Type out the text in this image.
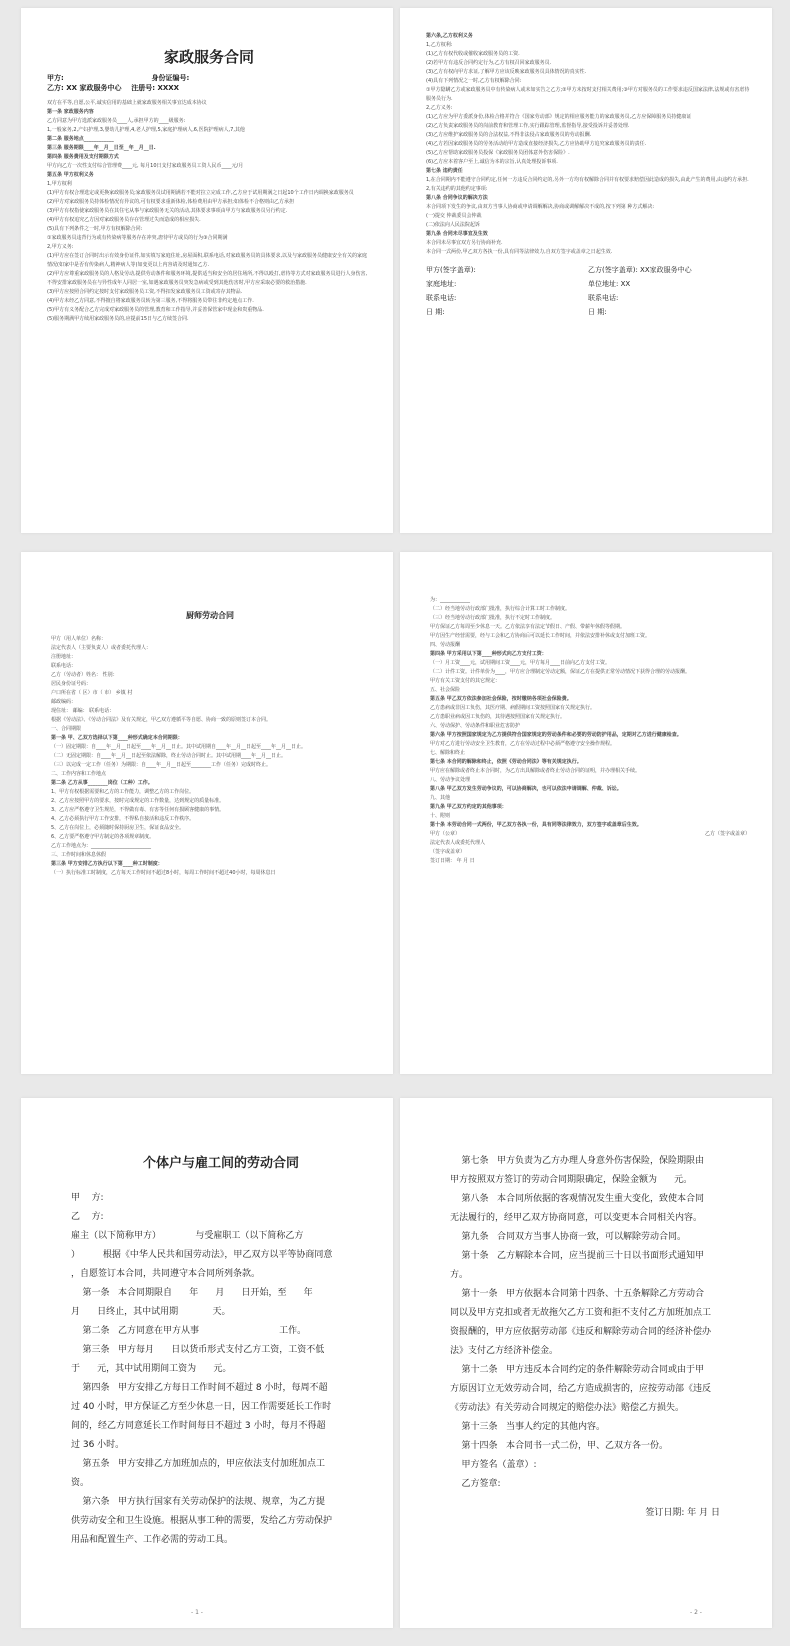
家政服务合同
甲方:	身份证编号:
乙方: XX 家政服务中心    注册号: XXXX
双方在平等,自愿,公平,诚实信用的基础上就家政服务相关事宜达成本协议
第一条 家政服务内容
乙方同意为甲方选派家政服务员____人,承担甲方的____级服务:
1,一般家务,2,产妇护理,3,婴幼儿护理,4,老人护理,5,家庭护理病人,6,医院护理病人,7,其他
第二条 服务地点____________
第三条 服务期限____年__月__日至__年__月__日.
第四条 服务费用及支付期限方式
甲方向乙方一次性支付综合管理费____元, 每月10日支付家政服务员工资人民币____元/月
第五条 甲方权利义务
1,甲方权利
(1)甲方有权合理选定或更换家政服务员;家政服务员试用期满若不能对拉立完成工作,乙方应于试用期满之日起10个工作日内调换家政服务员
(2)甲方对家政服务员持体检情况有异议的,可有权要求重新体检,体检费用由甲方承担;如体检不合格则由乙方承担
(3)甲方有权指使家政服务员在其住宅从事与家政服务无关的活动,其体要求事项由甲方与家政服务员另行约定.
(4)甲方有权追究乙方因对家政服务员存在管理过失而造成的相应损失.
(5)具有下列条件之一时,甲方有权解除合同:
①家政服务员违背行为或有传染病等服务存在冲突,唐待甲方或员的行为③合同期满
2,甲方义务:
(1)甲方应在签订合同时出示有效身份证件,如实填写家庭住址,房屋面积,联系电话,对家政服务员的具体要求,以及与家政服务员健康安全有关的家庭情况(如家中是否有传染病人,精神病人等)如变更以上内容请及时通知乙方.
(2)甲方应尊重家政服务员的人格及劳动,提供劳动条件和服务环境,提供适当和安全的居住场所,不得以殴打,虐待等方式对家政服务员进行人身伤害,不得安排家政服务员在与异性成年人同居一室,如遇家政服务员突发急病或受到其他伤害时,甲方应采取必要的救治措施.
(3)甲方应按照合同约定按时支付家政服务员工资,不得扣发家政服务员工资或寄存其物品.
(4)甲方未经乙方同意,不得擅自将家政服务员转为第三服务,不得将服务员带往非约定地点工作.
(5)甲方有义务配合乙方完成对家政服务员的管理,教育和工作指导,并妥善保管家中现金和贵重物品.
(5)服务期满甲方续用家政服务员的,应提前15日与乙方续签合同.
第六条,乙方权利义务
1,乙方权利:
(1)乙方有权代收或催收家政服务员的工资.
(2)若甲方有违反合同约定行为,乙方有权召回家政服务员.
(3)乙方有权向甲方求证,了解甲方应该反映家政服务员具体情况的真实性.
(4)具有下列情况之一时,乙方有权解除合同:
①甲方隐瞒乙方或家政服务员中有传染病人或未如实告之乙方;②甲方未按时支付相关费用;③甲方对服务员的工作要求违反国家法律,法规或有害虐待服务员行为.
2,乙方义务:
(1)乙方应为甲方委派身份,体检合格并符合《国家劳动部》规定的相应服务能力的家政服务员,乙方应保障服务员持健康证
(2)乙方负责家政服务员的岗前教育和管理工作,实行跟踪管理,监督指导,接受投诉并妥善处理.
(3)乙方应维护家政服务员的合法权益,不得非法侵占家政服务员的劳动报酬.
(4)乙方若因家政服务员的劳务活动给甲方造成直接经济损失,乙方应协助甲方追究家政服务员的责任.
(5)乙方应帮助家政服务员投保《家政服务员团体意外伤害保险》.
(6)乙方应本着客户至上,诚信为本的宗旨,认真处理投诉事项.
第七条 违约责任
1,在合同期内不能遵守合同约定,任何一方违反合同约定的,另外一方均有权解除合同并有权要求赔偿因此造成的损失,由此产生的费用,由违约方承担.
2,有关违约的其他约定事项:
第八条 合同争议的解决方法
本合同项下发生的争议,由双方当事人协商或申请调解解决,协商或调解解决不成的,按下列第 种方式解决:
(一)提交 仲裁委员会仲裁
(二)依法向人民法院起诉
第九条 合同未尽事宜及生效
本合同未尽事宜双方另行协商补充.
本合同一式两份,甲乙双方各执一份,具有同等法律效力,自双方签字或盖章之日起生效.
甲方(签字盖章):	乙方(签字盖章): XX家政服务中心
家庭地址:	单位地址: XX
联系电话:	联系电话:
日 期:	日 期:
厨师劳动合同
甲方（用人单位）名称：
法定代表人（主要负责人）或者委托代理人：
注册地址：
联系电话：
乙方（劳动者）姓名： 性别：
居民身份证号码：
户口所在省（ 区）市（ 市） 乡镇 村
邮政编码：
现住址： 邮编： 联系电话：
根据《劳动法》、《劳动合同法》及有关规定，甲乙双方遵循平等自愿、协商一致的原则签订本合同。
一、合同期限
第一条 甲、乙双方选择以下第____种形式确定本合同期限：
（一）固定期限：自____年__月__日起至____年__月__日止。其中试用期自____年__月__日起至____年__月__日止。
（二）无固定期限：自____年__月__日起至依法解除，终止劳动合同时止。其中试用期____年__月__日止。
（三）以完成一定工作（任务）为期限：自____年__月__日起至________工作（任务）完成时终止。
二、工作内容和工作地点
第二条 乙方从事________岗位（工种）工作。
1、甲方有权根据需要和乙方的工作能力，调整乙方的工作岗位。
2、乙方应按照甲方的要求，按时完成规定的工作数量，达到规定的质量标准。
3、乙方应严格遵守卫生规范，不得做有毒、有害等任何有损顾客健康的事情。
4、乙方必须执行甲方工作安排，不得私自接活和违反工作秩序。
5、乙方在岗位上，必须随时保持厨房卫生，保证食品安全。
6、乙方要严格遵守甲方制定的各项规章制度。
乙方工作地点为：________________________
三、工作时间和休息休假
第三条 甲方安排乙方执行以下第____种工时制度：
（一）执行标准工时制度，乙方每天工作时间不超过8小时，每周工作时间不超过40小时，每周休息日
为：____________
（二）经当地劳动行政部门批准，执行综合计算工时工作制度。
（三）经当地劳动行政部门批准，执行不定时工作制度。
甲方保证乙方每周至少休息一天。乙方依法享有法定节假日、产假、带薪年休假等假期。
甲方因生产经营需要，经与工会和乙方协商后可以延长工作时间，并依法安排补休或支付加班工资。
四、劳动报酬
第四条 甲方采用以下第____种形式向乙方支付工资：
（一）月工资____元，试用期间工资____元，甲方每月____日前向乙方支付工资。
（二）计件工资。计件单价为____，甲方应合理制定劳动定额，保证乙方在提供正常劳动情况下获得合理的劳动报酬。
甲方有关工资支付的其它规定：
五、社会保险
第五条 甲乙双方依法参加社会保险，按时缴纳各项社会保险费。
乙方患病或非因工负伤，其医疗期、病假期间工资按照国家有关规定执行。
乙方患职业病或因工负伤的，其待遇按照国家有关规定执行。
六、劳动保护、劳动条件和职业危害防护
第六条 甲方按照国家规定为乙方提供符合国家规定的劳动条件和必要的劳动防护用品，定期对乙方进行健康检查。
甲方对乙方进行劳动安全卫生教育，乙方在劳动过程中必须严格遵守安全操作规程。
七、解除和终止
第七条 本合同的解除和终止，依照《劳动合同法》等有关规定执行。
甲方应在解除或者终止本合同时，为乙方出具解除或者终止劳动合同的证明，并办理相关手续。
八、劳动争议处理
第八条 甲乙双方发生劳动争议的，可以协商解决，也可以依法申请调解、仲裁、诉讼。
九、其他
第九条 甲乙双方约定的其他事项：
十、附则
第十条 本劳动合同一式两份，甲乙双方各执一份，具有同等法律效力，双方签字或盖章后生效。
甲方（公章）
法定代表人或委托代理人
（签字或盖章）
签订日期： 年 月 日
乙方（签字或盖章）
个体户与雇工间的劳动合同
甲    方:
乙    方:
雇主（以下简称甲方）            与受雇职工（以下简称乙方
）        根据《中华人民共和国劳动法》，甲乙双方以平等协商同意
，自愿签订本合同，共同遵守本合同所列条款。
第一条   本合同期限自      年      月      日开始，至      年
月      日终止，其中试用期            天。
第二条   乙方同意在甲方从事                            工作。
第三条   甲方每月      日以货币形式支付乙方工资，工资不低
于      元，其中试用期间工资为      元。
第四条   甲方安排乙方每日工作时间不超过 8 小时，每周不超
过 40 小时，甲方保证乙方至少休息一日，因工作需要延长工作时
间的，经乙方同意延长工作时间每日不超过 3 小时，每月不得超
过 36 小时。
第五条   甲方安排乙方加班加点的，甲应依法支付加班加点工
资。
第六条   甲方执行国家有关劳动保护的法规、规章，为乙方提
供劳动安全和卫生设施。根据从事工种的需要，发给乙方劳动保护
用品和配置生产、工作必需的劳动工具。
- 1 -
第七条   甲方负责为乙方办理人身意外伤害保险，保险期限由
甲方按照双方签订的劳动合同期限确定，保险金额为      元。
第八条   本合同所依据的客观情况发生重大变化，致使本合同
无法履行的，经甲乙双方协商同意，可以变更本合同相关内容。
第九条   合同双方当事人协商一致，可以解除劳动合同。
第十条   乙方解除本合同，应当提前三十日以书面形式通知甲
方。
第十一条   甲方依据本合同第十四条、十五条解除乙方劳动合
同以及甲方克扣或者无故拖欠乙方工资和拒不支付乙方加班加点工
资报酬的，甲方应依据劳动部《违反和解除劳动合同的经济补偿办
法》支付乙方经济补偿金。
第十二条   甲方违反本合同约定的条件解除劳动合同或由于甲
方原因订立无效劳动合同，给乙方造成损害的，应按劳动部《违反
《劳动法》有关劳动合同规定的赔偿办法》赔偿乙方损失。
第十三条   当事人约定的其他内容。
第十四条   本合同书一式二份，甲、乙双方各一份。
甲方签名（盖章）:
乙方签章:
签订日期: 年 月 日
- 2 -
